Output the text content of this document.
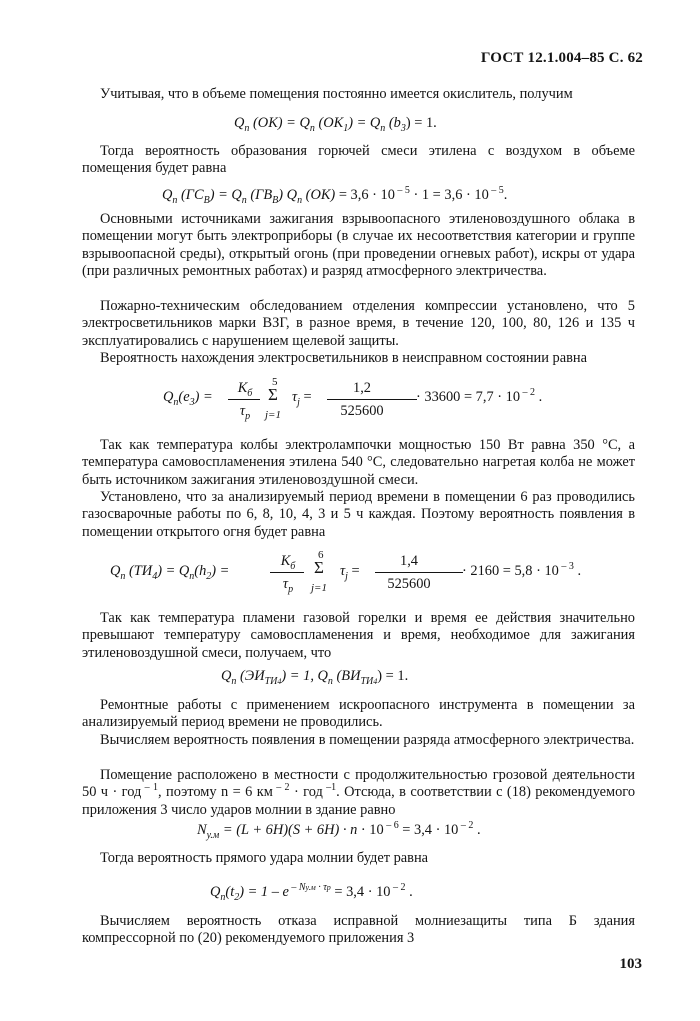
ГОСТ 12.1.004–85 С. 62

Учитывая, что в объеме помещения постоянно имеется окислитель, получим

$Q_п$ $(ОК) = Q_п$ $(ОК_1) = Q_п$ $(b_3) = 1$.

Тогда вероятность образования горючей смеси этилена с воздухом в объеме помещения будет равна

$Q_п$ $(ГС_В) = Q_п$ $(ГВ_В)$ $Q_п$ (ОК) = 3,6 · 10 $^{- 5}$ · 1 = 3,6 · 10 $^{- 5}$.

Основными источниками зажигания взрывоопасного этиленовоздушного облака в помещении могут быть электроприборы (в случае их несоответствия категории и группе взрывоопасной среды), открытый огонь (при проведении огневых работ), искры от удара (при различных ремонтных работах) и разряд атмосферного электричества.

Пожарно-техническим обследованием отделения компрессии установлено, что 5 электросветильников марки ВЗГ, в разное время, в течение 120, 100, 80, 126 и 135 ч эксплуатировались с нарушением щелевой защиты.

Вероятность нахождения электросветильников в неисправном состоянии равна

$Q_п(e_3)$ =
$К_б$
$\tau_р$
5
Σ
j=1
$\tau_j$ =
1,2
525600
· 33600 = 7,7 · 10 $^{- 2}$ .

Так как температура колбы электролампочки мощностью 150 Вт равна 350 °С, а температура самовоспламенения этилена 540 °С, следовательно нагретая колба не может быть источником зажигания этиленовоздушной смеси.

Установлено, что за анализируемый период времени в помещении 6 раз проводились газосварочные работы по 6, 8, 10, 4, 3 и 5 ч каждая. Поэтому вероятность появления в помещении открытого огня будет равна

$Q_п$ $(ТИ_4) = Q_п(h_2)$ =
$К_б$
$\tau_р$
6
Σ
j=1
$\tau_j$ =
1,4
525600
· 2160 = 5,8 · 10 $^{- 3}$ .

Так как температура пламени газовой горелки и время ее действия значительно превышают температуру самовоспламенения и время, необходимое для зажигания этиленовоздушной смеси, получаем, что

$Q_п$ $(ЭИ_{ТИ4}) = 1$, $Q_п$ $(ВИ_{ТИ4}) = 1$.

Ремонтные работы с применением искроопасного инструмента в помещении за анализируемый период времени не проводились.

Вычисляем вероятность появления в помещении разряда атмосферного электричества.

Помещение расположено в местности с продолжительностью грозовой деятельности 50 ч · год $^{- 1}$, поэтому n = 6 км $^{- 2}$ · год $^{-1}$. Отсюда, в соответствии с (18) рекомендуемого приложения 3 число ударов молнии в здание равно

$N_{у.м} = (L + 6H)(S + 6H) \cdot n \cdot 10$ $^{- 6}$ = 3,4 · 10 $^{- 2}$ .

Тогда вероятность прямого удара молнии будет равна

$Q_п(t_2) = 1 - e$ $^{- Nу.м \cdot \tau р}$ = 3,4 · 10 $^{- 2}$ .

Вычисляем вероятность отказа исправной молниезащиты типа Б здания компрессорной по (20) рекомендуемого приложения 3

103
